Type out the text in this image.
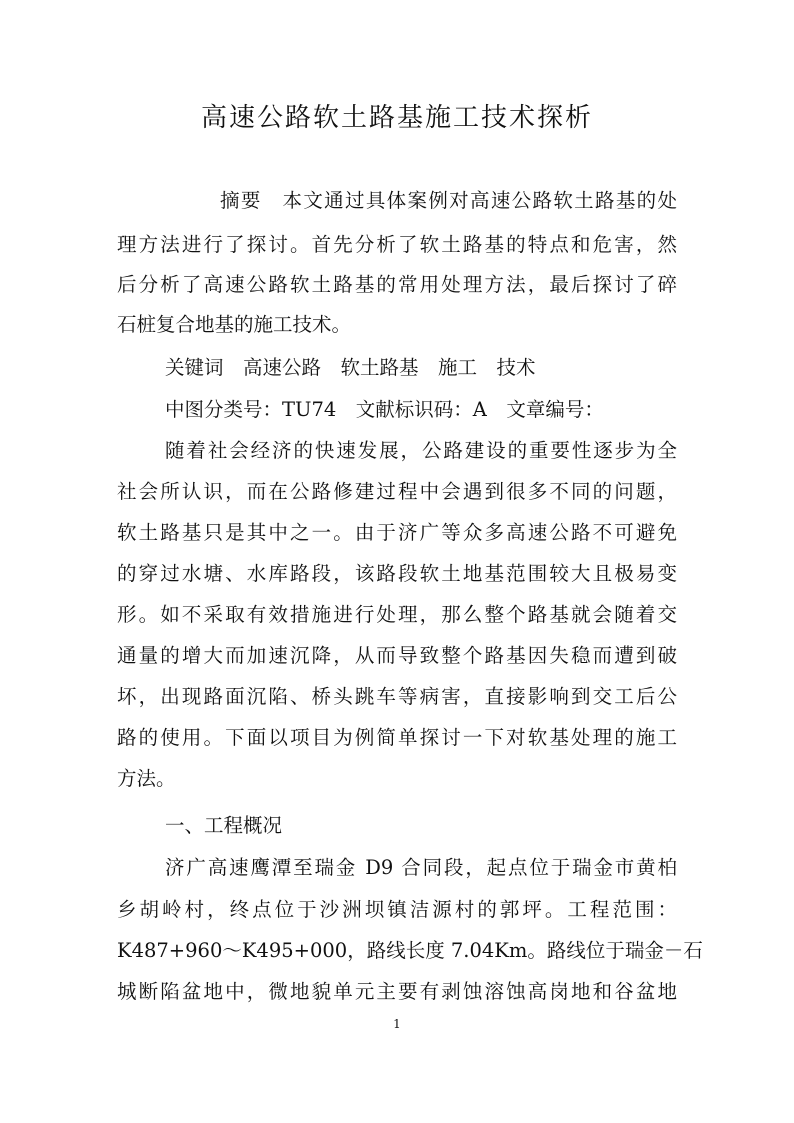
高速公路软土路基施工技术探析

摘要　本文通过具体案例对高速公路软土路基的处

理方法进行了探讨。首先分析了软土路基的特点和危害，然

后分析了高速公路软土路基的常用处理方法，最后探讨了碎

石桩复合地基的施工技术。

关键词　高速公路　软土路基　施工　技术

中图分类号：TU74　文献标识码：A　文章编号：

随着社会经济的快速发展，公路建设的重要性逐步为全

社会所认识，而在公路修建过程中会遇到很多不同的问题，

软土路基只是其中之一。由于济广等众多高速公路不可避免

的穿过水塘、水库路段，该路段软土地基范围较大且极易变

形。如不采取有效措施进行处理，那么整个路基就会随着交

通量的增大而加速沉降，从而导致整个路基因失稳而遭到破

坏，出现路面沉陷、桥头跳车等病害，直接影响到交工后公

路的使用。下面以项目为例简单探讨一下对软基处理的施工

方法。

一、工程概况

济广高速鹰潭至瑞金 D9 合同段，起点位于瑞金市黄柏

乡胡岭村，终点位于沙洲坝镇洁源村的郭坪。工程范围：

K487+960～K495+000，路线长度 7.04Km。路线位于瑞金－石

城断陷盆地中，微地貌单元主要有剥蚀溶蚀高岗地和谷盆地

1
